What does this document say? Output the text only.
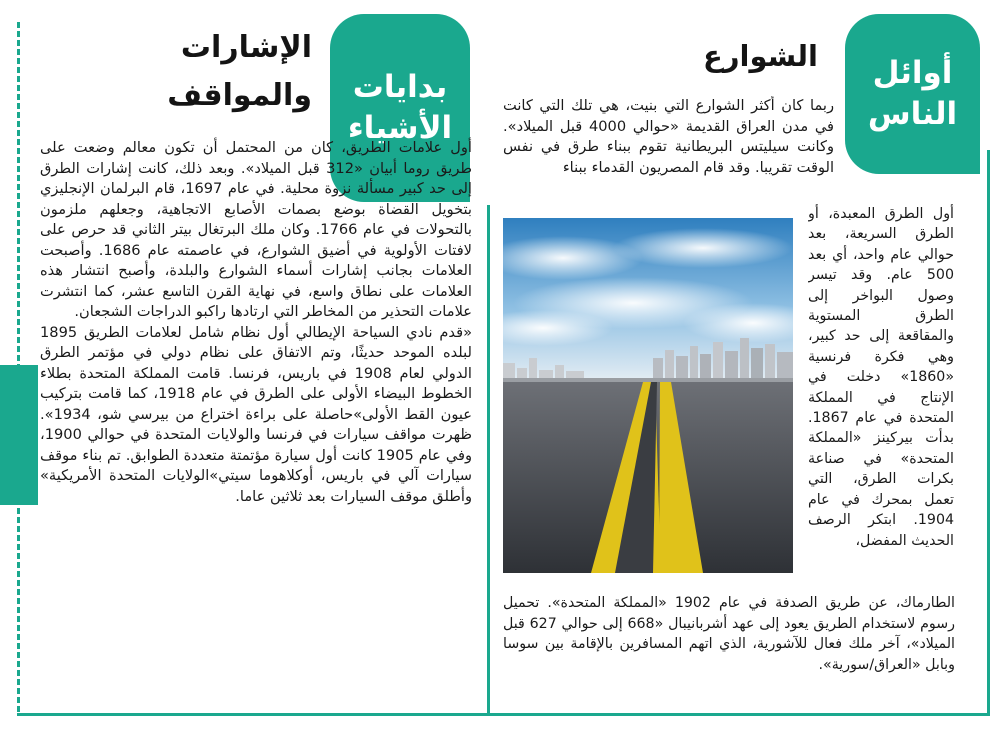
بدايات
الأشياء
الإشارات
والمواقف

أول علامات الطريق، كان من المحتمل أن تكون معالم وضعت على طريق روما أبيان «312 قبل الميلاد». وبعد ذلك، كانت إشارات الطرق إلى حد كبير مسألة نزوة محلية. في عام 1697، قام البرلمان الإنجليزي بتخويل القضاة بوضع بصمات الأصابع الاتجاهية، وجعلهم ملزمون بالتحولات في عام 1766. وكان ملك البرتغال بيتر الثاني قد حرص على لافتات الأولوية في أضيق الشوارع، في عاصمته عام 1686. وأصبحت العلامات بجانب إشارات أسماء الشوارع والبلدة، وأصبح انتشار هذه العلامات على نطاق واسع، في نهاية القرن التاسع عشر، كما انتشرت علامات التحذير من المخاطر التي ارتادها راكبو الدراجات الشجعان.

«قدم نادي السياحة الإيطالي أول نظام شامل لعلامات الطريق 1895 لبلده الموحد حديثًا، وتم الاتفاق على نظام دولي في مؤتمر الطرق الدولي لعام 1908 في باريس، فرنسا. قامت المملكة المتحدة بطلاء الخطوط البيضاء الأولى على الطرق في عام 1918، كما قامت بتركيب عيون القط الأولى»حاصلة على براءة اختراع من بيرسي شو، 1934». ظهرت مواقف سيارات في فرنسا والولايات المتحدة في حوالي 1900، وفي عام 1905 كانت أول سيارة مؤتمتة متعددة الطوابق. تم بناء موقف سيارات آلي في باريس، أوكلاهوما سيتي»الولايات المتحدة الأمريكية» وأطلق موقف السيارات بعد ثلاثين عاما.

أوائل
الناس
الشوارع
ربما كان أكثر الشوارع التي بنيت، هي تلك التي كانت في مدن العراق القديمة «حوالي 4000 قبل الميلاد». وكانت سيليتس البريطانية تقوم ببناء طرق في نفس الوقت تقريبا. وقد قام المصريون القدماء ببناء
أول الطرق المعبدة، أو الطرق السريعة، بعد حوالي عام واحد، أي بعد 500 عام. وقد تيسر وصول البواخر إلى الطرق المستوية والمقاقعة إلى حد كبير، وهي فكرة فرنسية «1860» دخلت في الإنتاج في المملكة المتحدة في عام 1867. بدأت بيركينز «المملكة المتحدة» في صناعة بكرات الطرق، التي تعمل بمحرك في عام 1904. ابتكر الرصف الحديث المفضل،
الطارماك، عن طريق الصدفة في عام 1902 «المملكة المتحدة». تحميل رسوم لاستخدام الطريق يعود إلى عهد أشربانيبال «668 إلى حوالي 627 قبل الميلاد»، آخر ملك فعال للآشورية، الذي اتهم المسافرين بالإقامة بين سوسا وبابل «العراق/سورية».
